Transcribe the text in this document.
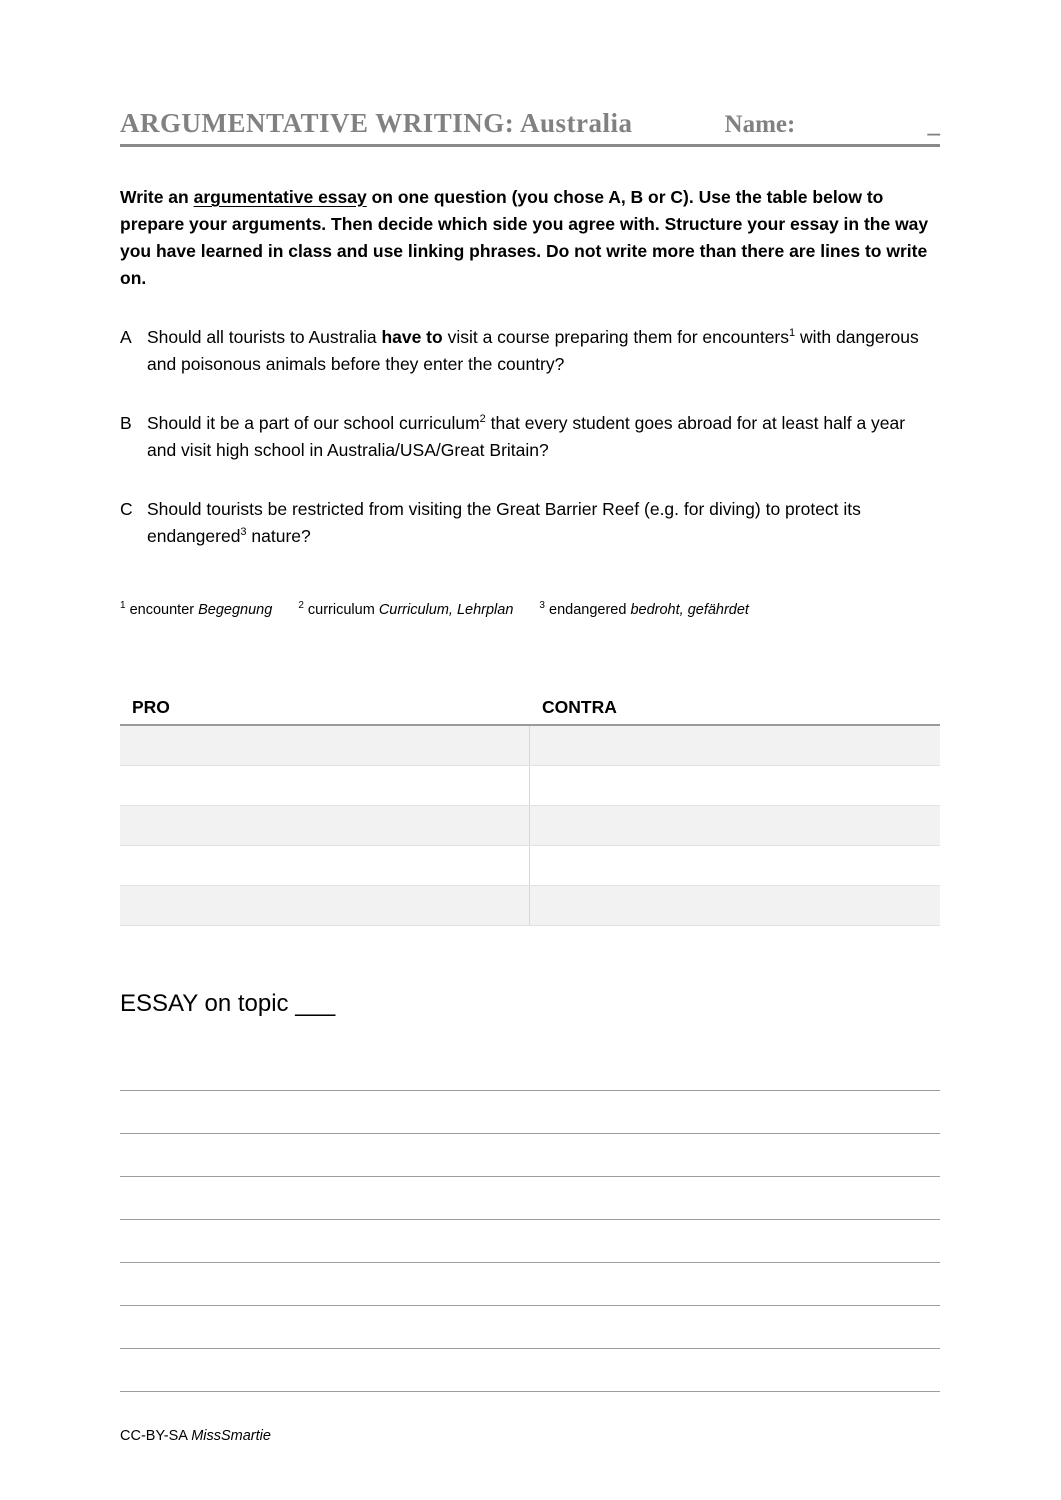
ARGUMENTATIVE WRITING: Australia	Name:	_

Write an argumentative essay on one question (you chose A, B or C). Use the table below to prepare your arguments. Then decide which side you agree with. Structure your essay in the way you have learned in class and use linking phrases. Do not write more than there are lines to write on.

A Should all tourists to Australia have to visit a course preparing them for encounters$^1$ with dangerous and poisonous animals before they enter the country?

B Should it be a part of our school curriculum$^2$ that every student goes abroad for at least half a year and visit high school in Australia/USA/Great Britain?

C Should tourists be restricted from visiting the Great Barrier Reef (e.g. for diving) to protect its endangered$^3$ nature?

$^1$ encounter Begegnung	$^2$ curriculum Curriculum, Lehrplan	$^3$ endangered bedroht, gefährdet

PRO	CONTRA
ESSAY on topic ___

CC-BY-SA MissSmartie
